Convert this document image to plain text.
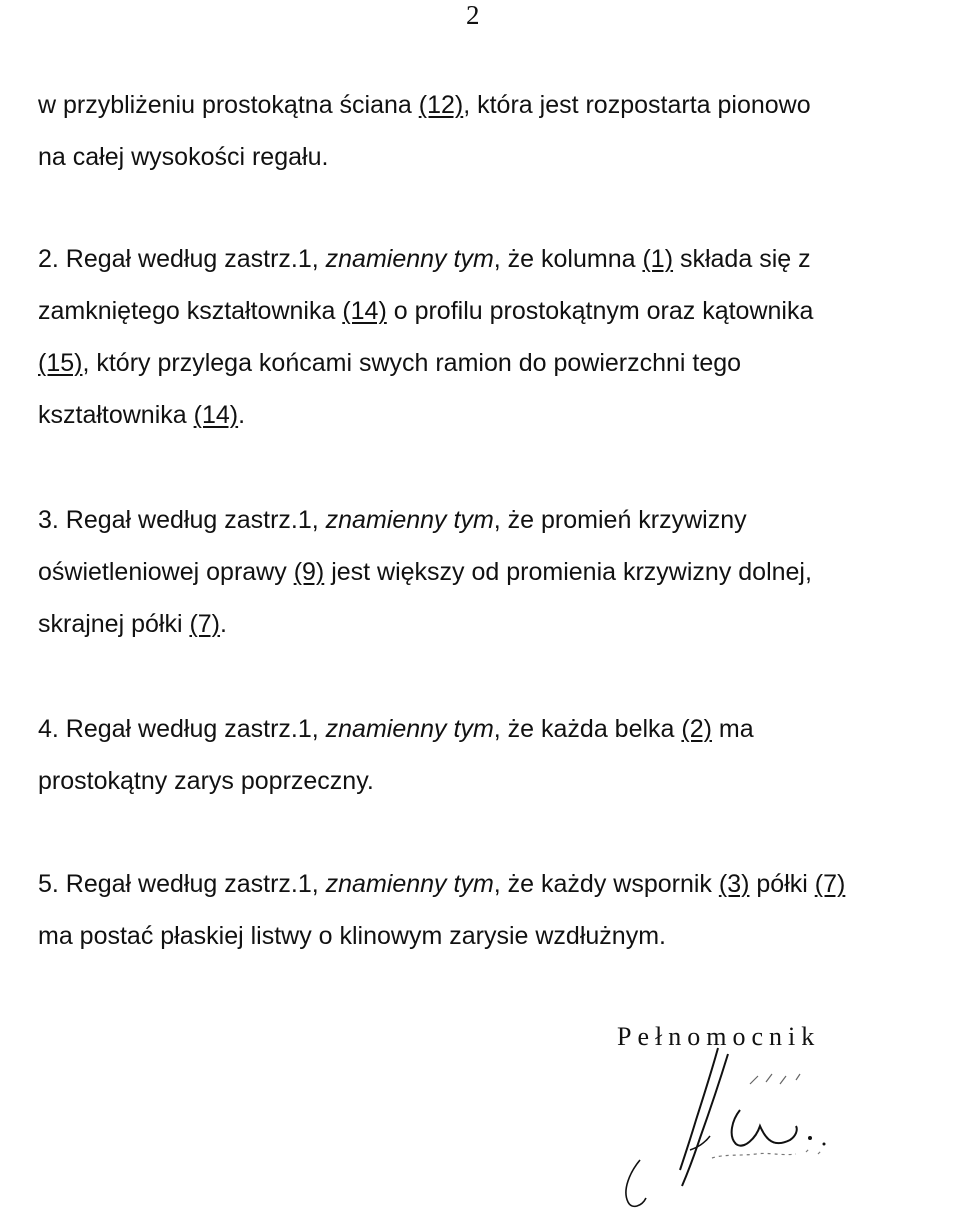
2
w przybliżeniu prostokątna ściana (12), która jest rozpostarta pionowo
na całej wysokości regału.
2. Regał według zastrz.1, znamienny tym, że kolumna (1) składa się z
zamkniętego kształtownika (14) o profilu prostokątnym oraz kątownika
(15), który przylega końcami swych ramion do powierzchni tego
kształtownika (14).
3. Regał według zastrz.1, znamienny tym, że promień krzywizny
oświetleniowej oprawy (9) jest większy od promienia krzywizny dolnej,
skrajnej półki (7).
4. Regał według zastrz.1, znamienny tym, że każda belka (2) ma
prostokątny zarys poprzeczny.
5. Regał według zastrz.1, znamienny tym, że każdy wspornik (3) półki (7)
ma postać płaskiej listwy o klinowym zarysie wzdłużnym.
Pełnomocnik
